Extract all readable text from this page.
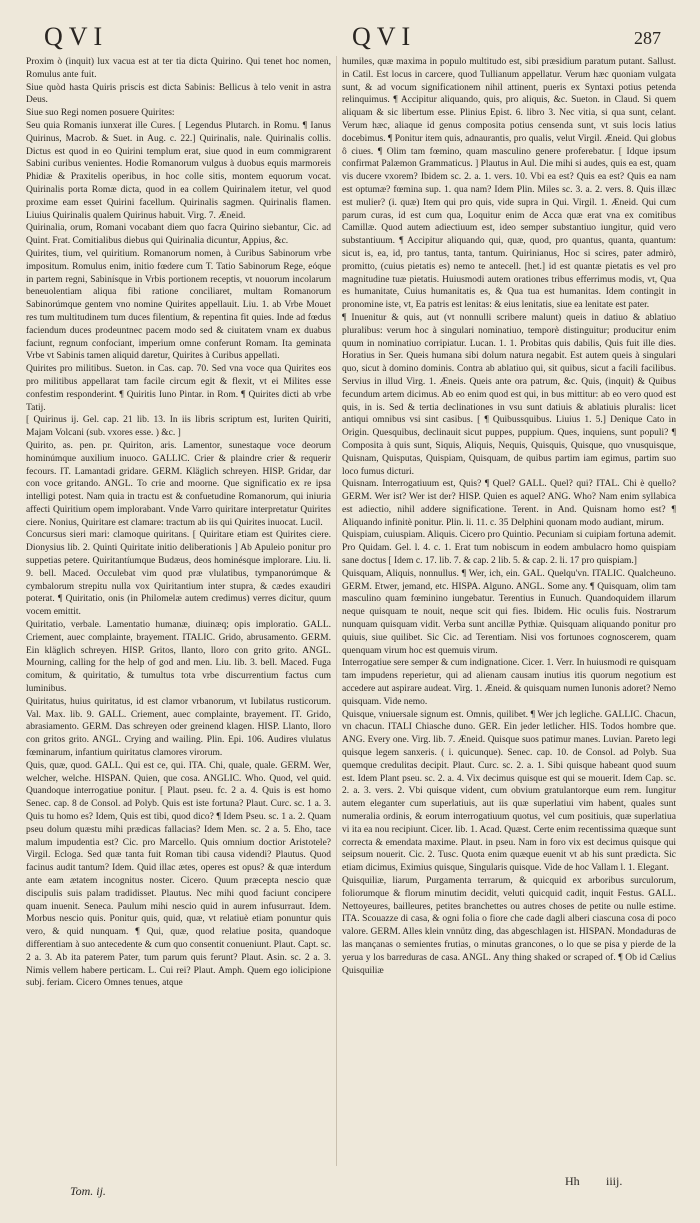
QVI	QVI	287

Proxim ò (inquit) lux vacua est at ter tia dicta Quirino. Qui tenet hoc nomen, Romulus ante fuit.

Siue quòd hasta Quiris priscis est dicta Sabinis: Bellicus à telo venit in astra Deus.

Siue suo Regi nomen posuere Quirites:

Seu quia Romanis iunxerat ille Cures. [ Legendus Plutarch. in Romu. ¶ Ianus Quirinus, Macrob. & Suet. in Aug. c. 22.] Quirinalis, nale. Quirinalis collis. Dictus est quod in eo Quirini templum erat, siue quod in eum commigrarent Sabini curibus venientes. Hodie Romanorum vulgus à duobus equis marmoreis Phidiæ & Praxitelis operibus, in hoc colle sitis, montem equorum vocat. Quirinalis porta Romæ dicta, quod in ea collem Quirinalem itetur, vel quod proxime eam esset Quirini facellum. Quirinalis sagmen. Quirinalis flamen. Liuius Quirinalis qualem Quirinus habuit. Virg. 7. Æneid.

Quirinalia, orum, Romani vocabant diem quo facra Quirino siebantur, Cic. ad Quint. Frat. Comitialibus diebus qui Quirinalia dicuntur, Appius, &c.

Quirites, tium, vel quiritium. Romanorum nomen, à Curibus Sabinorum vrbe impositum. Romulus enim, initio fœdere cum T. Tatio Sabinorum Rege, eóque in partem regni, Sabinísque in Vrbis portionem receptis, vt nouorum incolarum beneuolentiam aliqua fibi ratione conciliaret, multam Romanorum Sabinorúmque gentem vno nomine Quirites appellauit. Liu. 1. ab Vrbe Mouet res tum multitudinem tum duces filentium, & repentina fit quies. Inde ad fœdus faciendum duces prodeuntnec pacem modo sed & ciuitatem vnam ex duabus faciunt, regnum confociant, imperium omne conferunt Romam. Ita geminata Vrbe vt Sabinis tamen aliquid daretur, Quirites à Curibus appellati.

Quirites pro militibus. Sueton. in Cas. cap. 70. Sed vna voce qua Quirites eos pro militibus appellarat tam facile circum egit & flexit, vt ei Milites esse confestim responderint. ¶ Quiritis Iuno Pintar. in Rom. ¶ Quirites dicti ab vrbe Tatij.

[ Quirinus ij. Gel. cap. 21 lib. 13. In iis libris scriptum est, Iuriten Quiriti, Majam Volcani (sub. vxores esse. ) &c. ]

Quirito, as. pen. pr. Quiriton, aris. Lamentor, sunestaque voce deorum hominúmque auxilium inuoco. GALLIC. Crier & plaindre crier & requerir fecours. IT. Lamantadi gridare. GERM. Kläglich schreyen. HISP. Gridar, dar con voce gritando. ANGL. To crie and moorne. Que significatio ex re ipsa intelligi potest. Nam quia in tractu est & confuetudine Romanorum, qui iniuria affecti Quiritium opem implorabant. Vnde Varro quiritare interpretatur Quirites ciere. Nonius, Quiritare est clamare: tractum ab iis qui Quirites inuocat. Lucil.

Concursus sieri mari: clamoque quiritans. [ Quiritare etiam est Quirites ciere. Dionysius lib. 2. Quinti Quiritate initio deliberationis ] Ab Apuleio ponitur pro suppetias petere. Quiritantíumque Budæus, deos hominésque implorare. Liu. li. 9. bell. Maced. Occulebat vim quod præ vlulatibus, tympanorúmque & cymbalorum strepitu nulla vox Quiritantium inter stupra, & cædes exaudiri poterat. ¶ Quiritatio, onis (in Philomelæ autem credimus) verres dicitur, quum vocem emittit.

Quiritatio, verbale. Lamentatio humanæ, diuinæq; opis imploratio. GALL. Criement, auec complainte, brayement. ITALIC. Grido, abrusamento. GERM. Ein kläglich schreyen. HISP. Gritos, llanto, lloro con grito grito. ANGL. Mourning, calling for the help of god and men. Liu. lib. 3. bell. Maced. Fuga comitum, & quiritatio, & tumultus tota vrbe discurrentium factus cum luminibus.

Quiritatus, huius quiritatus, id est clamor vrbanorum, vt Iubilatus rusticorum. Val. Max. lib. 9. GALL. Criement, auec complainte, brayement. IT. Grido, abrasiamento. GERM. Das schreyen oder greinend klagen. HISP. Llanto, lloro con gritos grito. ANGL. Crying and wailing. Plin. Epi. 106. Audires vlulatus fœminarum, infantium quiritatus clamores virorum.

Quis, quæ, quod. GALL. Qui est ce, qui. ITA. Chi, quale, quale. GERM. Wer, welcher, welche. HISPAN. Quien, que cosa. ANGLIC. Who. Quod, vel quid. Quandoque interrogatiue ponitur. [ Plaut. pseu. fc. 2 a. 4. Quis is est homo Senec. cap. 8 de Consol. ad Polyb. Quis est iste fortuna? Plaut. Curc. sc. 1 a. 3. Quis tu homo es? Idem, Quis est tibi, quod dico? ¶ Idem Pseu. sc. 1 a. 2. Quam pseu dolum quæstu mihi prædicas fallacias? Idem Men. sc. 2 a. 5. Eho, tace malum impudentia est? Cic. pro Marcello. Quis omnium doctior Aristotele? Virgil. Ecloga. Sed quæ tanta fuit Roman tibi causa videndi? Plautus. Quod facinus audit tantum? Idem. Quid illac ætes, operes est opus? & quæ interdum ante eam ætatem incognitus noster. Cicero. Quum præcepta nescio quæ discipulis suis palam tradidisset. Plautus. Nec mihi quod faciunt concipere quam inuenit. Seneca. Paulum mihi nescio quid in aurem infusurraut. Idem. Morbus nescio quis. Ponitur quis, quid, quæ, vt relatiuè etiam ponuntur quis vero, & quid nunquam. ¶ Qui, quæ, quod relatiue posita, quandoque differentiam à suo antecedente & cum quo consentit conueniunt. Plaut. Capt. sc. 2 a. 3. Ab ita paterem Pater, tum parum quis ferunt? Plaut. Asin. sc. 2 a. 3. Nimis vellem habere perticam. L. Cui rei? Plaut. Amph. Quem ego iolicipione subj. feriam. Cicero Omnes tenues, atque

humiles, quæ maxima in populo multitudo est, sibi præsidium paratum putant. Sallust. in Catil. Est locus in carcere, quod Tullianum appellatur. Verum hæc quoniam vulgata sunt, & ad vocum significationem nihil attinent, pueris ex Syntaxi potius petenda relinquimus. ¶ Accipitur aliquando, quis, pro aliquis, &c. Sueton. in Claud. Si quem aliquam & sic libertum esse. Plinius Epist. 6. libro 3. Nec vitia, si qua sunt, celant. Verum hæc, aliaque id genus composita potius censenda sunt, vt suis locis latius docebimus. ¶ Ponitur item quis, adnaurantis, pro qualis, velut Virgil. Æneid. Qui globus ô ciues. ¶ Olim tam fœmino, quam masculino genere proferebatur. [ Idque ipsum confirmat Palæmon Grammaticus. ] Plautus in Aul. Die mihi si audes, quis ea est, quam vis ducere vxorem? Ibidem sc. 2. a. 1. vers. 10. Vbi ea est? Quis ea est? Quis ea nam est optumæ? fœmina sup. 1. qua nam? Idem Plin. Miles sc. 3. a. 2. vers. 8. Quis illæc est mulier? (i. quæ) Item qui pro quis, vide supra in Qui. Virgil. 1. Æneid. Qui cum parum curas, id est cum qua, Loquitur enim de Acca quæ erat vna ex comitibus Camillæ. Quod autem adiectiuum est, ideo semper substantiuo iungitur, quid vero substantiuum. ¶ Accipitur aliquando qui, quæ, quod, pro quantus, quanta, quantum: sicut is, ea, id, pro tantus, tanta, tantum. Quirinianus, Hoc si scires, pater admirò, promitto, (cuius pietatis es) nemo te antecell. [het.] id est quantæ pietatis es vel pro magnitudine tuæ pietatis. Huiusmodi autem orationes tribus efferrimus modis, vt, Qua es humanitate, Cuius humanitatis es, & Qua tua est humanitas. Idem contingit in pronomine iste, vt, Ea patris est lenitas: & eius lenitatis, siue ea lenitate est pater.

¶ Inuenitur & quis, aut (vt nonnulli scribere malunt) queis in datiuo & ablatiuo pluralibus: verum hoc à singulari nominatiuo, temporè distinguitur; producitur enim quum in nominatiuo corripiatur. Lucan. 1. 1. Probitas quis dabilis, Quis fuit ille dies. Horatius in Ser. Queis humana sibi dolum natura negabit. Est autem queis à singulari quo, sicut à domino dominis. Contra ab ablatiuo qui, sit quibus, sicut a facili facilibus. Servius in illud Virg. 1. Æneis. Queis ante ora patrum, &c. Quis, (inquit) & Quibus fecundum artem dicimus. Ab eo enim quod est qui, in bus mittitur: ab eo vero quod est quis, in is. Sed & tertia declinationes in vsu sunt datiuis & ablatiuis pluralis: licet antiqui omnibus vsi sint casibus. [ ¶ Quibussquibus. Liuius 1. 5.] Denique Cato in Origin. Quesquibus, declinauit sicut puppes, puppium. Ques, inquiens, sunt populi? ¶ Composita à quis sunt, Siquis, Aliquis, Nequis, Quisquis, Quisque, quo vnusquisque, Quisnam, Quisputas, Quispiam, Quisquam, de quibus partim iam egimus, partim suo loco fumus dicturi.

Quisnam. Interrogatiuum est, Quis? ¶ Quel? GALL. Quel? qui? ITAL. Chi è quello? GERM. Wer ist? Wer ist der? HISP. Quien es aquel? ANG. Who? Nam enim syllabica est adiectio, nihil addere significatione. Terent. in And. Quisnam homo est? ¶ Aliquando infinitè ponitur. Plin. li. 11. c. 35 Delphini quonam modo audiant, mirum.

Quispiam, cuiuspiam. Aliquis. Cicero pro Quintio. Pecuniam si cuipiam fortuna ademit. Pro Quidam. Gel. l. 4. c. 1. Erat tum nobiscum in eodem ambulacro homo quispiam sane doctus [ Idem c. 17. lib. 7. & cap. 2 lib. 5. & cap. 2. li. 17 pro quispiam.]

Quisquam, Aliquis, nonnullus. ¶ Wer, ich, ein. GAL. Quelqu'vn. ITALIC. Qualcheuno. GERM. Etwer, jemand, etc. HISPA. Alguno. ANGL. Some any. ¶ Quisquam, olim tam masculino quam fœminino iungebatur. Terentius in Eunuch. Quandoquidem illarum neque quisquam te nouit, neque scit qui fies. Ibidem. Hic oculis fuis. Nostrarum nunquam quisquam vidit. Verba sunt ancillæ Pythiæ. Quisquam aliquando ponitur pro quiuis, siue quilibet. Sic Cic. ad Terentiam. Nisi vos fortunoes cognoscerem, quam quenquam virum hoc est quemuis virum.

Interrogatiue sere semper & cum indignatione. Cicer. 1. Verr. In huiusmodi re quisquam tam impudens reperietur, qui ad alienam causam inutius itis quorum negotium est accedere aut aspirare audeat. Virg. 1. Æneid. & quisquam numen Iunonis adoret? Nemo quisquam. Vide nemo.

Quisque, vniuersale signum est. Omnis, quilibet. ¶ Wer jch legliche. GALLIC. Chacun, vn chacun. ITALI Chiasche duno. GER. Ein jeder letlicher. HIS. Todos hombre que. ANG. Every one. Virg. lib. 7. Æneid. Quisque suos patimur manes. Luvian. Pareto legi quisque legem sanxeris. ( i. quicunque). Senec. cap. 10. de Consol. ad Polyb. Sua quemque credulitas decipit. Plaut. Curc. sc. 2. a. 1. Sibi quisque habeant quod suum est. Idem Plant pseu. sc. 2. a. 4. Vix decimus quisque est qui se mouerit. Idem Cap. sc. 2. a. 3. vers. 2. Vbi quisque vident, cum obvium gratulantorque eum rem. Iungitur autem eleganter cum superlatiuis, aut iis quæ superlatiui vim habent, quales sunt numeralia ordinis, & eorum interrogatiuum quotus, vel cum positiuis, quæ superlatiua vi ita ea nou recipiunt. Cicer. lib. 1. Acad. Quæst. Certe enim recentissima quæque sunt correcta & emendata maxime. Plaut. in pseu. Nam in foro vix est decimus quisque qui seipsum nouerit. Cic. 2. Tusc. Quota enim quæque euenit vt ab his sunt prædicta. Sic etiam dicimus, Eximius quisque, Singularis quisque. Vide de hoc Vallam l. 1. Elegant.

Quisquiliæ, liarum, Purgamenta terrarum, & quicquid ex arboribus surculorum, foliorumque & florum minutim decidit, veluti quicquid cadit, inquit Festus. GALL. Nettoyeures, bailleures, petites branchettes ou autres choses de petite ou nulle estime. ITA. Scouazze di casa, & ogni folia o fiore che cade dagli alberi ciascuna cosa di poco valore. GERM. Alles klein vnnütz ding, das abgeschlagen ist. HISPAN. Mondaduras de las mançanas o semientes frutias, o minutas grancones, o lo que se pisa y pierde de la yerua y los barreduras de casa. ANGL. Any thing shaked or scraped of. ¶ Ob id Cælius Quisquiliæ

Tom. ij.
Hh iiij.
